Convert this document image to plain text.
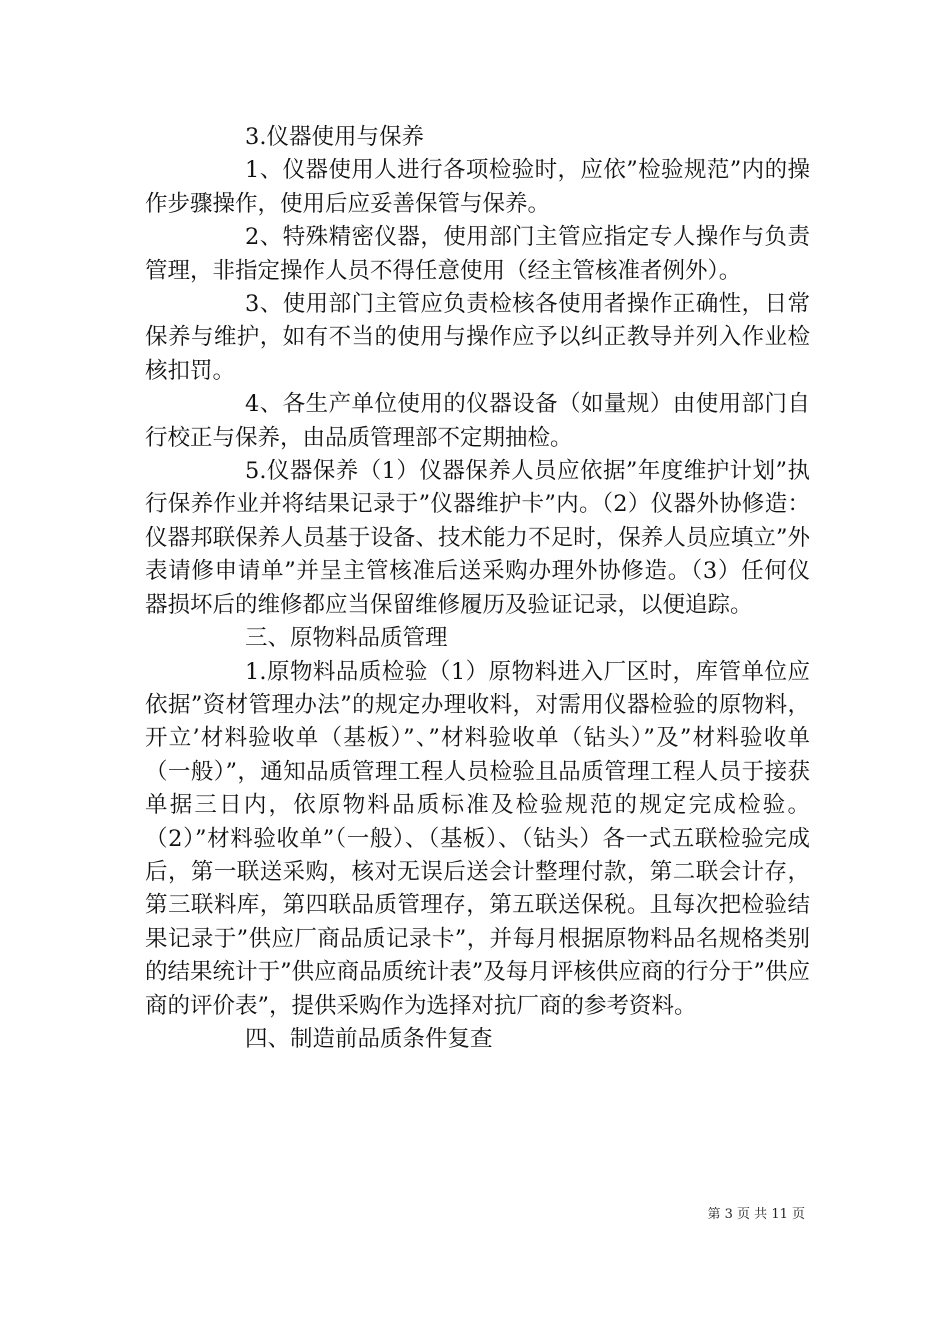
3.仪器使用与保养

1、仪器使用人进行各项检验时，应依”检验规范”内的操作步骤操作，使用后应妥善保管与保养。

2、特殊精密仪器，使用部门主管应指定专人操作与负责管理，非指定操作人员不得任意使用（经主管核准者例外）。

3、使用部门主管应负责检核各使用者操作正确性，日常保养与维护，如有不当的使用与操作应予以纠正教导并列入作业检核扣罚。

4、各生产单位使用的仪器设备（如量规）由使用部门自行校正与保养，由品质管理部不定期抽检。

5.仪器保养（1）仪器保养人员应依据”年度维护计划”执行保养作业并将结果记录于”仪器维护卡”内。（2）仪器外协修造：仪器邦联保养人员基于设备、技术能力不足时，保养人员应填立”外表请修申请单”并呈主管核准后送采购办理外协修造。（3）任何仪器损坏后的维修都应当保留维修履历及验证记录，以便追踪。

三、原物料品质管理

1.原物料品质检验（1）原物料进入厂区时，库管单位应依据”资材管理办法”的规定办理收料，对需用仪器检验的原物料，开立’材料验收单（基板）”、”材料验收单（钻头）”及”材料验收单（一般）”，通知品质管理工程人员检验且品质管理工程人员于接获单据三日内，依原物料品质标准及检验规范的规定完成检验。（2）”材料验收单”（一般）、（基板）、（钻头）各一式五联检验完成后，第一联送采购，核对无误后送会计整理付款，第二联会计存，第三联料库，第四联品质管理存，第五联送保税。且每次把检验结果记录于”供应厂商品质记录卡”，并每月根据原物料品名规格类别的结果统计于”供应商品质统计表”及每月评核供应商的行分于”供应商的评价表”，提供采购作为选择对抗厂商的参考资料。

四、制造前品质条件复查

第 3 页 共 11 页
